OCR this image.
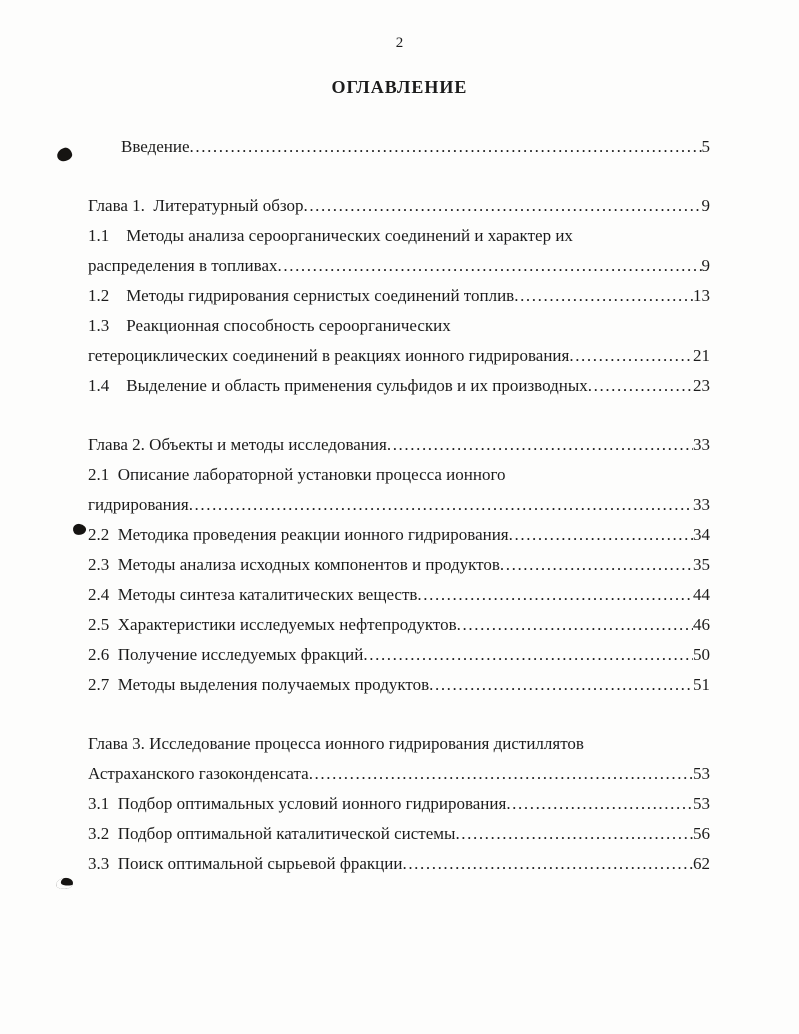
2
ОГЛАВЛЕНИЕ
Введение .....	5
Глава 1.  Литературный обзор .....	9
1.1    Методы анализа сероорганических соединений и характер их
распределения в топливах .....	9
1.2    Методы гидрирования сернистых соединений топлив .....	13
1.3    Реакционная способность сероорганических
гетероциклических соединений в реакциях ионного гидрирования .....	21
1.4    Выделение и область применения сульфидов и их производных .....	23
Глава 2. Объекты и методы исследования .....	33
2.1  Описание лабораторной установки процесса ионного
гидрирования .....	33
2.2  Методика проведения реакции ионного гидрирования .....	34
2.3  Методы анализа исходных компонентов и продуктов .....	35
2.4  Методы синтеза каталитических веществ .....	44
2.5  Характеристики исследуемых нефтепродуктов .....	46
2.6  Получение исследуемых фракций .....	50
2.7  Методы выделения получаемых продуктов .....	51
Глава 3. Исследование процесса ионного гидрирования дистиллятов
Астраханского газоконденсата .....	53
3.1  Подбор оптимальных условий ионного гидрирования .....	53
3.2  Подбор оптимальной каталитической системы .....	56
3.3  Поиск оптимальной сырьевой фракции .....	62
